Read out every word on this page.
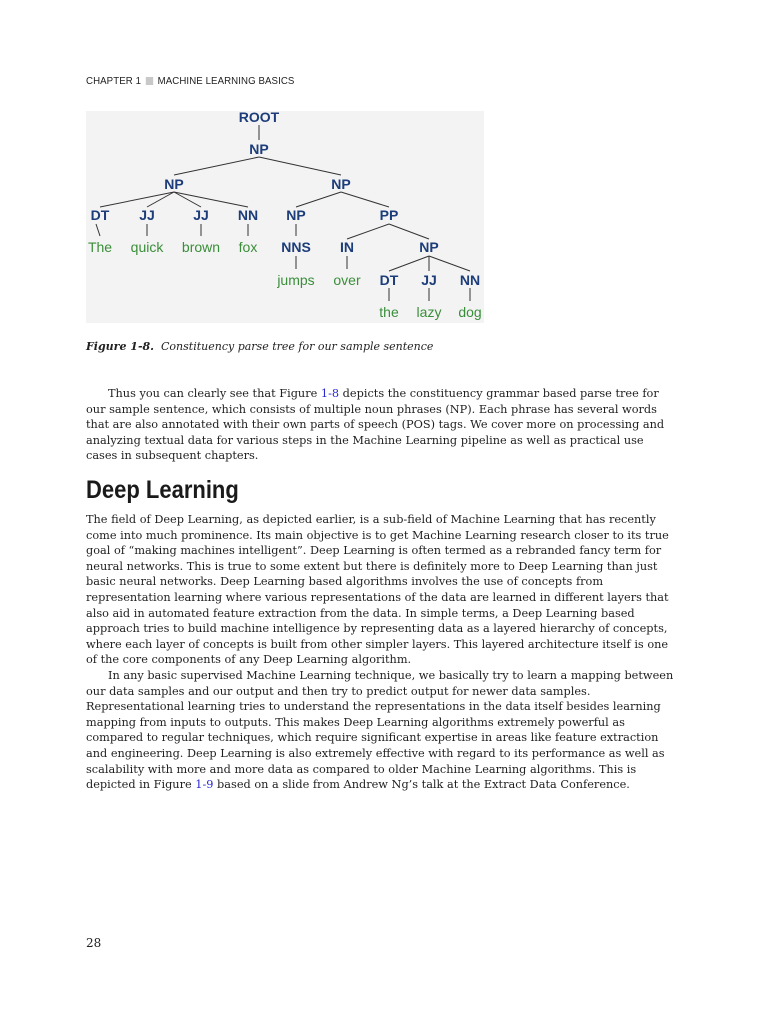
CHAPTER 1 MACHINE LEARNING BASICS
ROOT
NP
NP	NP
DT JJ	JJ NN NP	PP
NNS IN	NP
DT JJ NN
The quick brown fox
jumps over
the lazy dog
Figure 1-8. Constituency parse tree for our sample sentence

Thus you can clearly see that Figure 1-8 depicts the constituency grammar based parse tree for our sample sentence, which consists of multiple noun phrases (NP). Each phrase has several words that are also annotated with their own parts of speech (POS) tags. We cover more on processing and analyzing textual data for various steps in the Machine Learning pipeline as well as practical use cases in subsequent chapters.

Deep Learning

The field of Deep Learning, as depicted earlier, is a sub-field of Machine Learning that has recently come into much prominence. Its main objective is to get Machine Learning research closer to its true goal of “making machines intelligent”. Deep Learning is often termed as a rebranded fancy term for neural networks. This is true to some extent but there is definitely more to Deep Learning than just basic neural networks. Deep Learning based algorithms involves the use of concepts from representation learning where various representations of the data are learned in different layers that also aid in automated feature extraction from the data. In simple terms, a Deep Learning based approach tries to build machine intelligence by representing data as a layered hierarchy of concepts, where each layer of concepts is built from other simpler layers. This layered architecture itself is one of the core components of any Deep Learning algorithm.

In any basic supervised Machine Learning technique, we basically try to learn a mapping between our data samples and our output and then try to predict output for newer data samples. Representational learning tries to understand the representations in the data itself besides learning mapping from inputs to outputs. This makes Deep Learning algorithms extremely powerful as compared to regular techniques, which require significant expertise in areas like feature extraction and engineering. Deep Learning is also extremely effective with regard to its performance as well as scalability with more and more data as compared to older Machine Learning algorithms. This is depicted in Figure 1-9 based on a slide from Andrew Ng’s talk at the Extract Data Conference.

28
